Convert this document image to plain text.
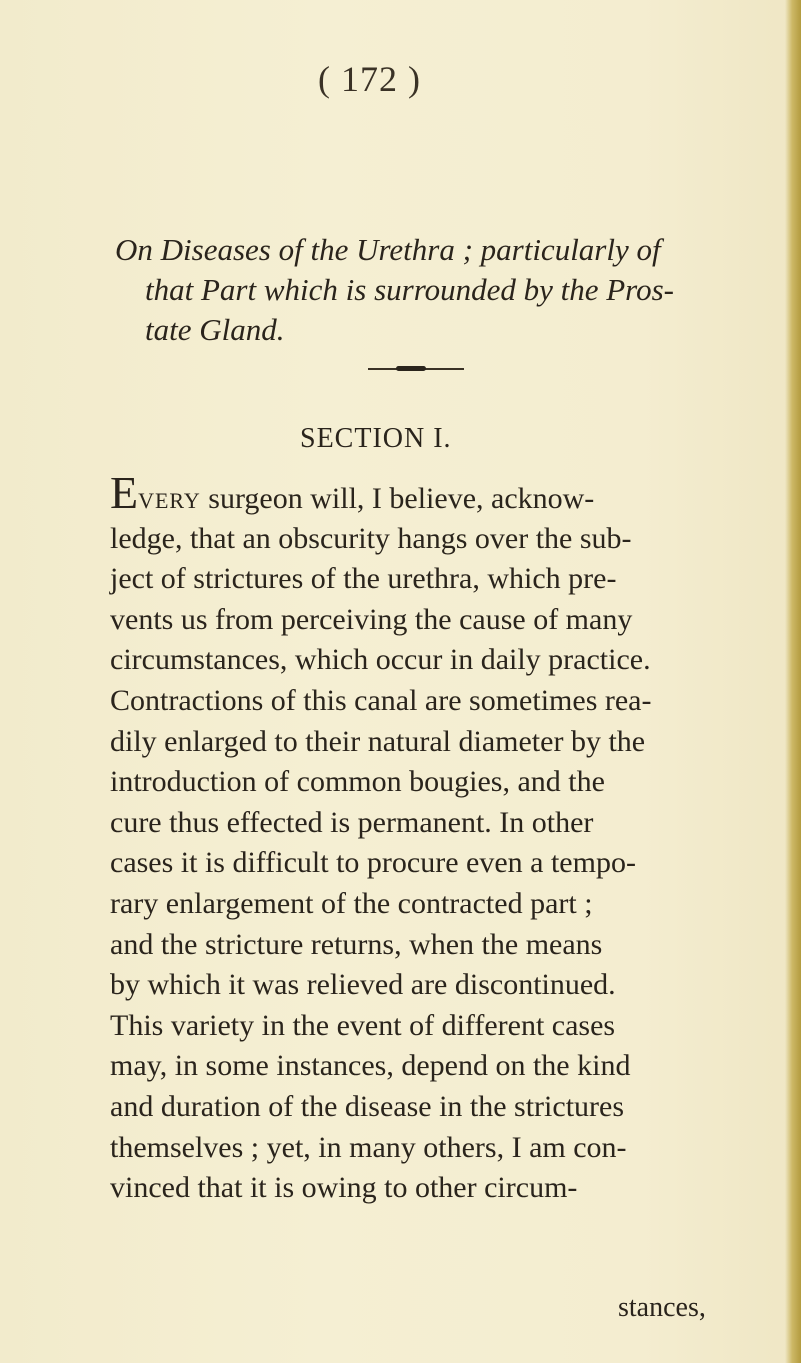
( 172 )
On Diseases of the Urethra ; particularly of
that Part which is surrounded by the Pros-
tate Gland.
SECTION I.
EVERY surgeon will, I believe, acknow-
ledge, that an obscurity hangs over the sub-
ject of strictures of the urethra, which pre-
vents us from perceiving the cause of many
circumstances, which occur in daily practice.
Contractions of this canal are sometimes rea-
dily enlarged to their natural diameter by the
introduction of common bougies, and the
cure thus effected is permanent. In other
cases it is difficult to procure even a tempo-
rary enlargement of the contracted part ;
and the stricture returns, when the means
by which it was relieved are discontinued.
This variety in the event of different cases
may, in some instances, depend on the kind
and duration of the disease in the strictures
themselves ; yet, in many others, I am con-
vinced that it is owing to other circum-
stances,
